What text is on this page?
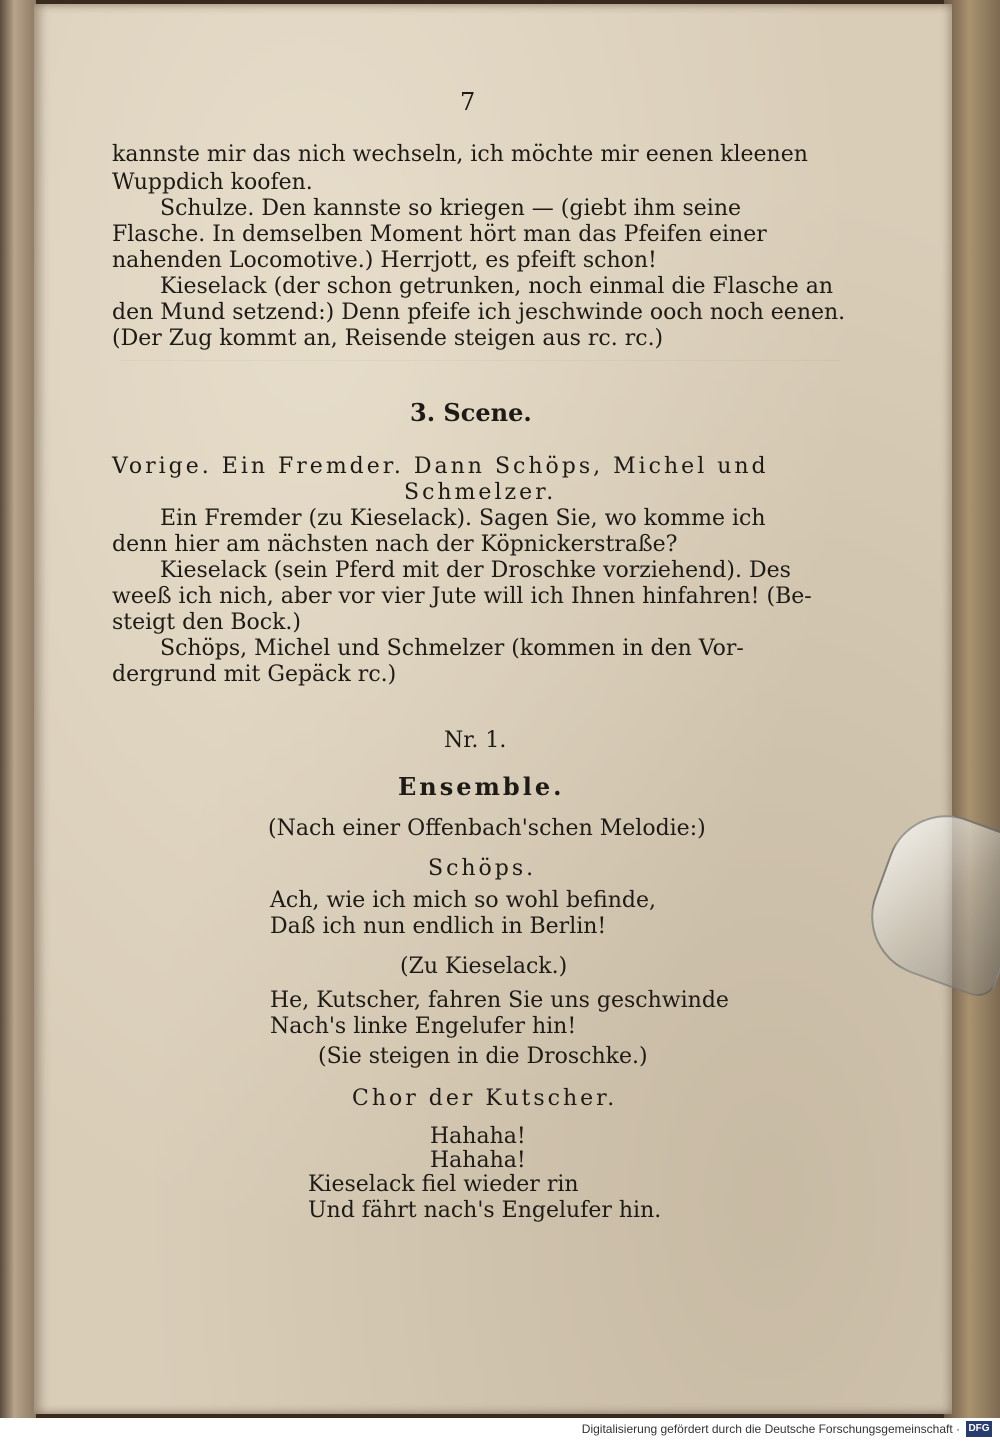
7
kannste mir das nich wechseln, ich möchte mir eenen kleenen
Wuppdich koofen.
Schulze. Den kannste so kriegen — (giebt ihm seine
Flasche. In demselben Moment hört man das Pfeifen einer
nahenden Locomotive.) Herrjott, es pfeift schon!
Kieselack (der schon getrunken, noch einmal die Flasche an
den Mund setzend:) Denn pfeife ich jeschwinde ooch noch eenen.
(Der Zug kommt an, Reisende steigen aus rc. rc.)
3. Scene.
Vorige. Ein Fremder. Dann Schöps, Michel und
Schmelzer.
Ein Fremder (zu Kieselack). Sagen Sie, wo komme ich
denn hier am nächsten nach der Köpnickerstraße?
Kieselack (sein Pferd mit der Droschke vorziehend). Des
weeß ich nich, aber vor vier Jute will ich Ihnen hinfahren! (Be-
steigt den Bock.)
Schöps, Michel und Schmelzer (kommen in den Vor-
dergrund mit Gepäck rc.)
Nr. 1.
Ensemble.
(Nach einer Offenbach'schen Melodie:)
Schöps.
Ach, wie ich mich so wohl befinde,
Daß ich nun endlich in Berlin!
(Zu Kieselack.)
He, Kutscher, fahren Sie uns geschwinde
Nach's linke Engelufer hin!
(Sie steigen in die Droschke.)
Chor der Kutscher.
Hahaha!
Hahaha!
Kieselack fiel wieder rin
Und fährt nach's Engelufer hin.
Digitalisierung gefördert durch die Deutsche Forschungsgemeinschaft · DFG
